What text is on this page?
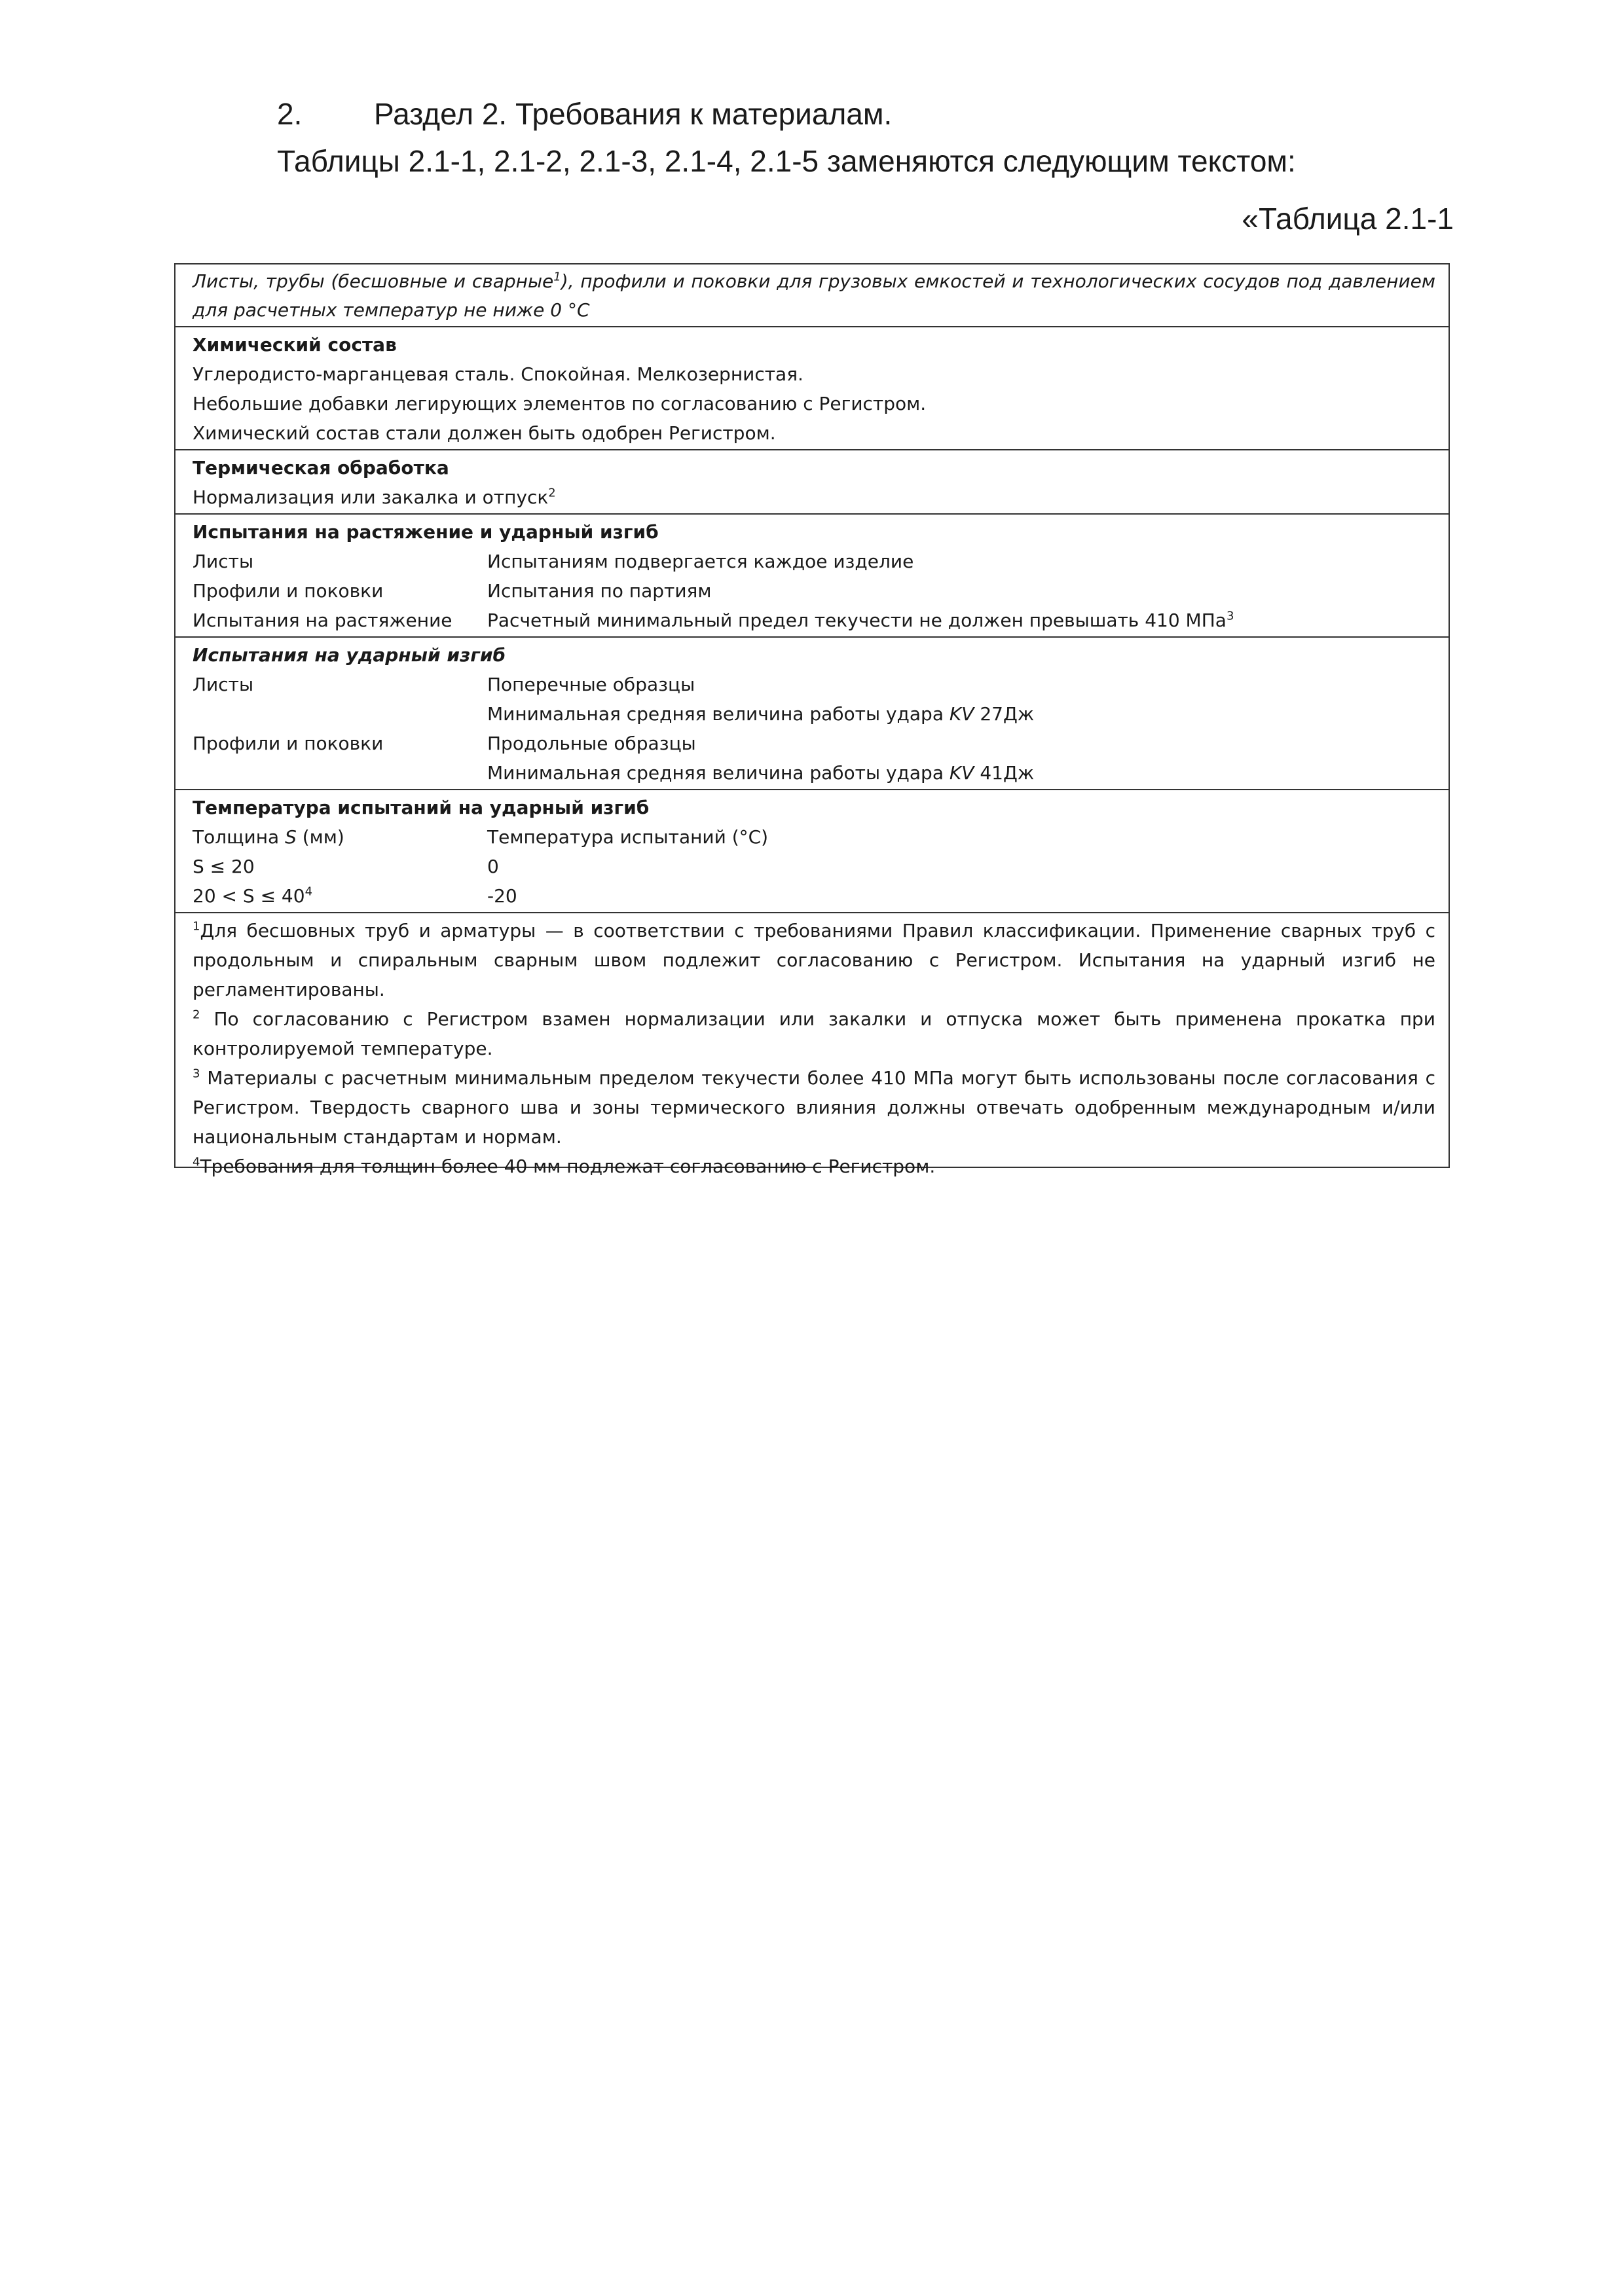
2. Раздел 2. Требования к материалам.
Таблицы 2.1-1, 2.1-2, 2.1-3, 2.1-4, 2.1-5 заменяются следующим текстом:
«Таблица 2.1-1
Листы, трубы (бесшовные и сварные$^1$), профили и поковки для грузовых емкостей и технологических сосудов под давлением для расчетных температур не ниже 0 °С
Химический состав
Углеродисто-марганцевая сталь. Спокойная. Мелкозернистая.
Небольшие добавки легирующих элементов по согласованию с Регистром.
Химический состав стали должен быть одобрен Регистром.
Термическая обработка
Нормализация или закалка и отпуск$^2$
Испытания на растяжение и ударный изгиб
Листы	Испытаниям подвергается каждое изделие
Профили и поковки	Испытания по партиям
Испытания на растяжение	Расчетный минимальный предел текучести не должен превышать 410 МПа$^3$
Испытания на ударный изгиб
Листы	Поперечные образцы
Минимальная средняя величина работы удара KV 27Дж
Профили и поковки	Продольные образцы
Минимальная средняя величина работы удара KV 41Дж
Температура испытаний на ударный изгиб
Толщина S (мм)	Температура испытаний (°С)
S ≤ 20	0
$20 < S \le 40^4$	-20
$^1$Для бесшовных труб и арматуры — в соответствии с требованиями Правил классификации. Применение сварных труб с продольным и спиральным сварным швом подлежит согласованию с Регистром. Испытания на ударный изгиб не регламентированы.
$^2$ По согласованию с Регистром взамен нормализации или закалки и отпуска может быть применена прокатка при контролируемой температуре.
$^3$ Материалы с расчетным минимальным пределом текучести более 410 МПа могут быть использованы после согласования с Регистром. Твердость сварного шва и зоны термического влияния должны отвечать одобренным международным и/или национальным стандартам и нормам.
$^4$Требования для толщин более 40 мм подлежат согласованию с Регистром.
